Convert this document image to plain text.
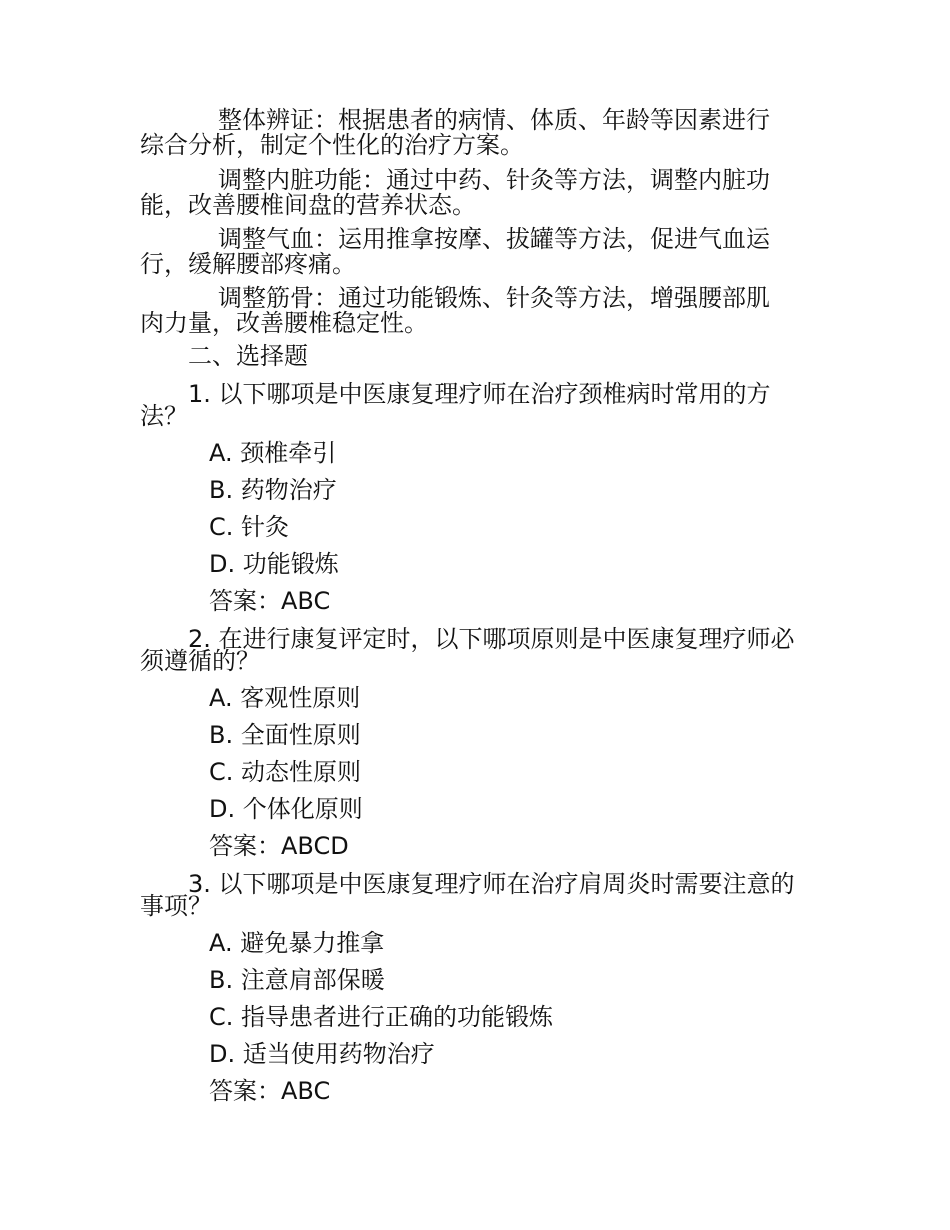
整体辨证：根据患者的病情、体质、年龄等因素进行
综合分析，制定个性化的治疗方案。

调整内脏功能：通过中药、针灸等方法，调整内脏功
能，改善腰椎间盘的营养状态。

调整气血：运用推拿按摩、拔罐等方法，促进气血运
行，缓解腰部疼痛。

调整筋骨：通过功能锻炼、针灸等方法，增强腰部肌
肉力量，改善腰椎稳定性。

二、选择题

1. 以下哪项是中医康复理疗师在治疗颈椎病时常用的方
法？

A. 颈椎牵引

B. 药物治疗

C. 针灸

D. 功能锻炼

答案：ABC

2. 在进行康复评定时，以下哪项原则是中医康复理疗师必
须遵循的？

A. 客观性原则

B. 全面性原则

C. 动态性原则

D. 个体化原则

答案：ABCD

3. 以下哪项是中医康复理疗师在治疗肩周炎时需要注意的
事项？

A. 避免暴力推拿

B. 注意肩部保暖

C. 指导患者进行正确的功能锻炼

D. 适当使用药物治疗

答案：ABC
